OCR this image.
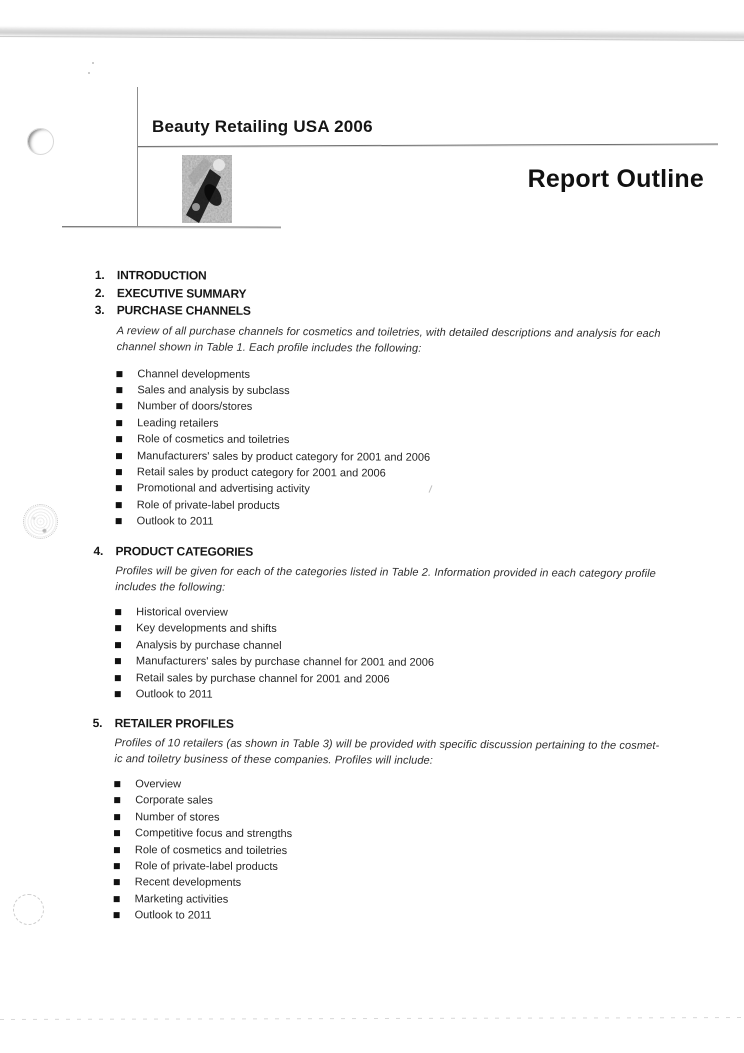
Beauty Retailing USA 2006
Report Outline
1.	INTRODUCTION
2.	EXECUTIVE SUMMARY
3.	PURCHASE CHANNELS

A review of all purchase channels for cosmetics and toiletries, with detailed descriptions and analysis for each
channel shown in Table 1. Each profile includes the following:

Channel developments
Sales and analysis by subclass
Number of doors/stores
Leading retailers
Role of cosmetics and toiletries
Manufacturers' sales by product category for 2001 and 2006
Retail sales by product category for 2001 and 2006
Promotional and advertising activity
Role of private-label products
Outlook to 2011
4.	PRODUCT CATEGORIES

Profiles will be given for each of the categories listed in Table 2. Information provided in each category profile
includes the following:

Historical overview
Key developments and shifts
Analysis by purchase channel
Manufacturers' sales by purchase channel for 2001 and 2006
Retail sales by purchase channel for 2001 and 2006
Outlook to 2011
5.	RETAILER PROFILES

Profiles of 10 retailers (as shown in Table 3) will be provided with specific discussion pertaining to the cosmet-
ic and toiletry business of these companies. Profiles will include:

Overview
Corporate sales
Number of stores
Competitive focus and strengths
Role of cosmetics and toiletries
Role of private-label products
Recent developments
Marketing activities
Outlook to 2011
